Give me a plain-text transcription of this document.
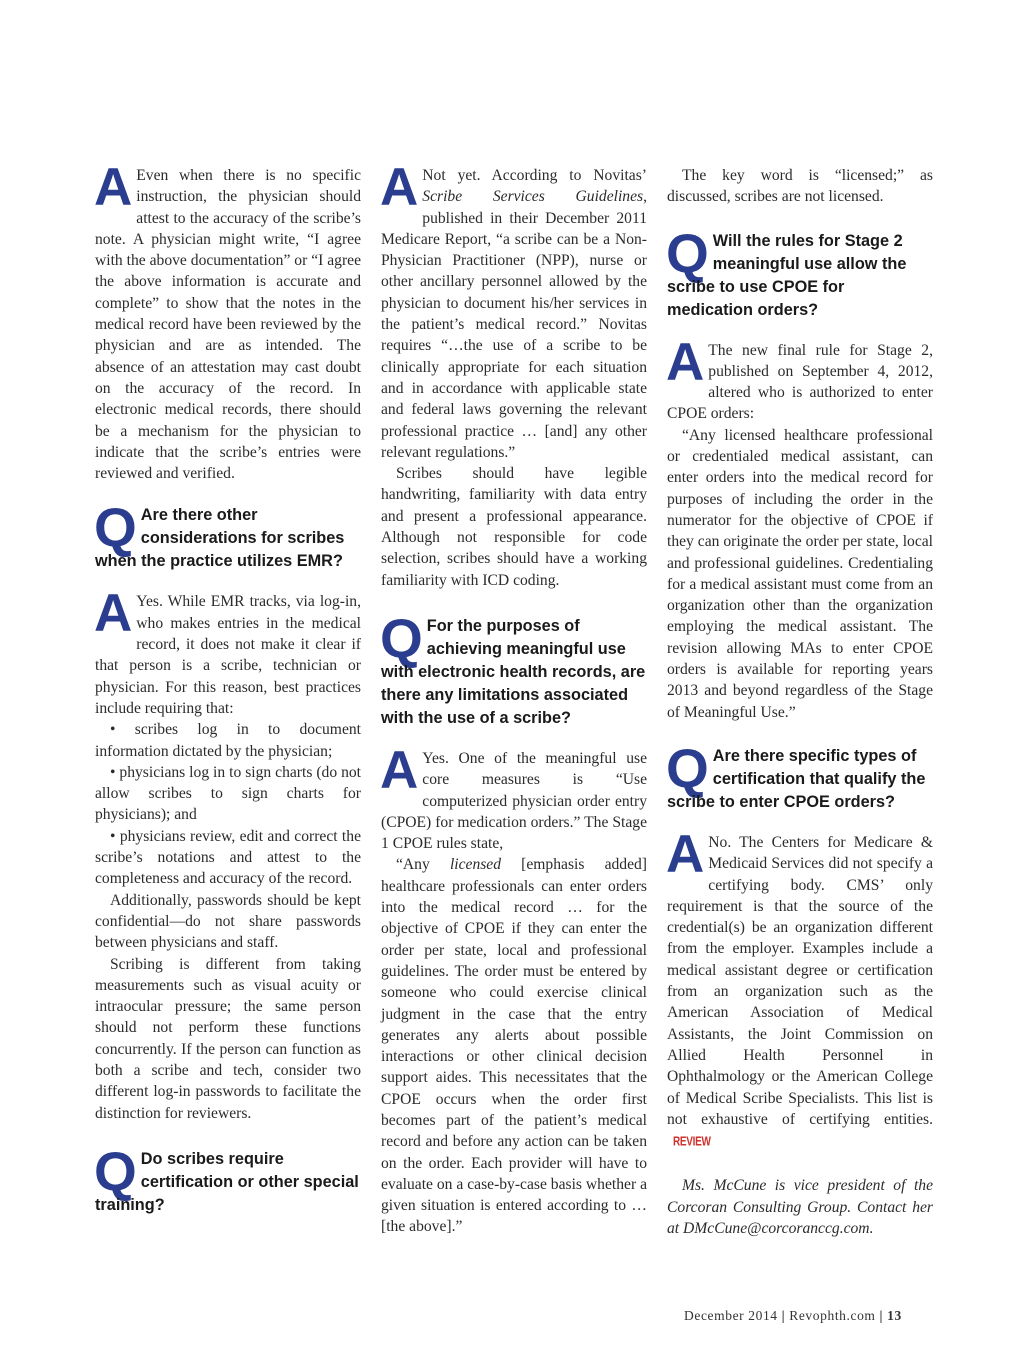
A Even when there is no specific instruction, the physician should attest to the accuracy of the scribe’s note. A physician might write, “I agree with the above documentation” or “I agree the above information is accurate and complete” to show that the notes in the medical record have been reviewed by the physician and are as intended. The absence of an attestation may cast doubt on the accuracy of the record. In electronic medical records, there should be a mechanism for the physician to indicate that the scribe’s entries were reviewed and verified.

Q Are there other considerations for scribes when the practice utilizes EMR?

A Yes. While EMR tracks, via log-in, who makes entries in the medical record, it does not make it clear if that person is a scribe, technician or physician. For this reason, best practices include requiring that:

• scribes log in to document information dictated by the physician;

• physicians log in to sign charts (do not allow scribes to sign charts for physicians); and

• physicians review, edit and correct the scribe’s notations and attest to the completeness and accuracy of the record.

Additionally, passwords should be kept confidential—do not share passwords between physicians and staff.

Scribing is different from taking measurements such as visual acuity or intraocular pressure; the same person should not perform these functions concurrently. If the person can function as both a scribe and tech, consider two different log-in passwords to facilitate the distinction for reviewers.

Q Do scribes require certification or other special training?

A Not yet. According to Novitas’ Scribe Services Guidelines, published in their December 2011 Medicare Report, “a scribe can be a Non-Physician Practitioner (NPP), nurse or other ancillary personnel allowed by the physician to document his/her services in the patient’s medical record.” Novitas requires “…the use of a scribe to be clinically appropriate for each situation and in accordance with applicable state and federal laws governing the relevant professional practice … [and] any other relevant regulations.”

Scribes should have legible handwriting, familiarity with data entry and present a professional appearance. Although not responsible for code selection, scribes should have a working familiarity with ICD coding.

Q For the purposes of achieving meaningful use with electronic health records, are there any limitations associated with the use of a scribe?

A Yes. One of the meaningful use core measures is “Use computerized physician order entry (CPOE) for medication orders.” The Stage 1 CPOE rules state,

“Any licensed [emphasis added] healthcare professionals can enter orders into the medical record … for the objective of CPOE if they can enter the order per state, local and professional guidelines. The order must be entered by someone who could exercise clinical judgment in the case that the entry generates any alerts about possible interactions or other clinical decision support aides. This necessitates that the CPOE occurs when the order first becomes part of the patient’s medical record and before any action can be taken on the order. Each provider will have to evaluate on a case-by-case basis whether a given situation is entered according to … [the above].”

The key word is “licensed;” as discussed, scribes are not licensed.

Q Will the rules for Stage 2 meaningful use allow the scribe to use CPOE for medication orders?

A The new final rule for Stage 2, published on September 4, 2012, altered who is authorized to enter CPOE orders:

“Any licensed healthcare professional or credentialed medical assistant, can enter orders into the medical record for purposes of including the order in the numerator for the objective of CPOE if they can originate the order per state, local and professional guidelines. Credentialing for a medical assistant must come from an organization other than the organization employing the medical assistant. The revision allowing MAs to enter CPOE orders is available for reporting years 2013 and beyond regardless of the Stage of Meaningful Use.”

Q Are there specific types of certification that qualify the scribe to enter CPOE orders?

A No. The Centers for Medicare & Medicaid Services did not specify a certifying body. CMS’ only requirement is that the source of the credential(s) be an organization different from the employer. Examples include a medical assistant degree or certification from an organization such as the American Association of Medical Assistants, the Joint Commission on Allied Health Personnel in Ophthalmology or the American College of Medical Scribe Specialists. This list is not exhaustive of certifying entities.REVIEW

Ms. McCune is vice president of the Corcoran Consulting Group. Contact her at DMcCune@corcoranccg.com.

December 2014 | Revophth.com | 13
